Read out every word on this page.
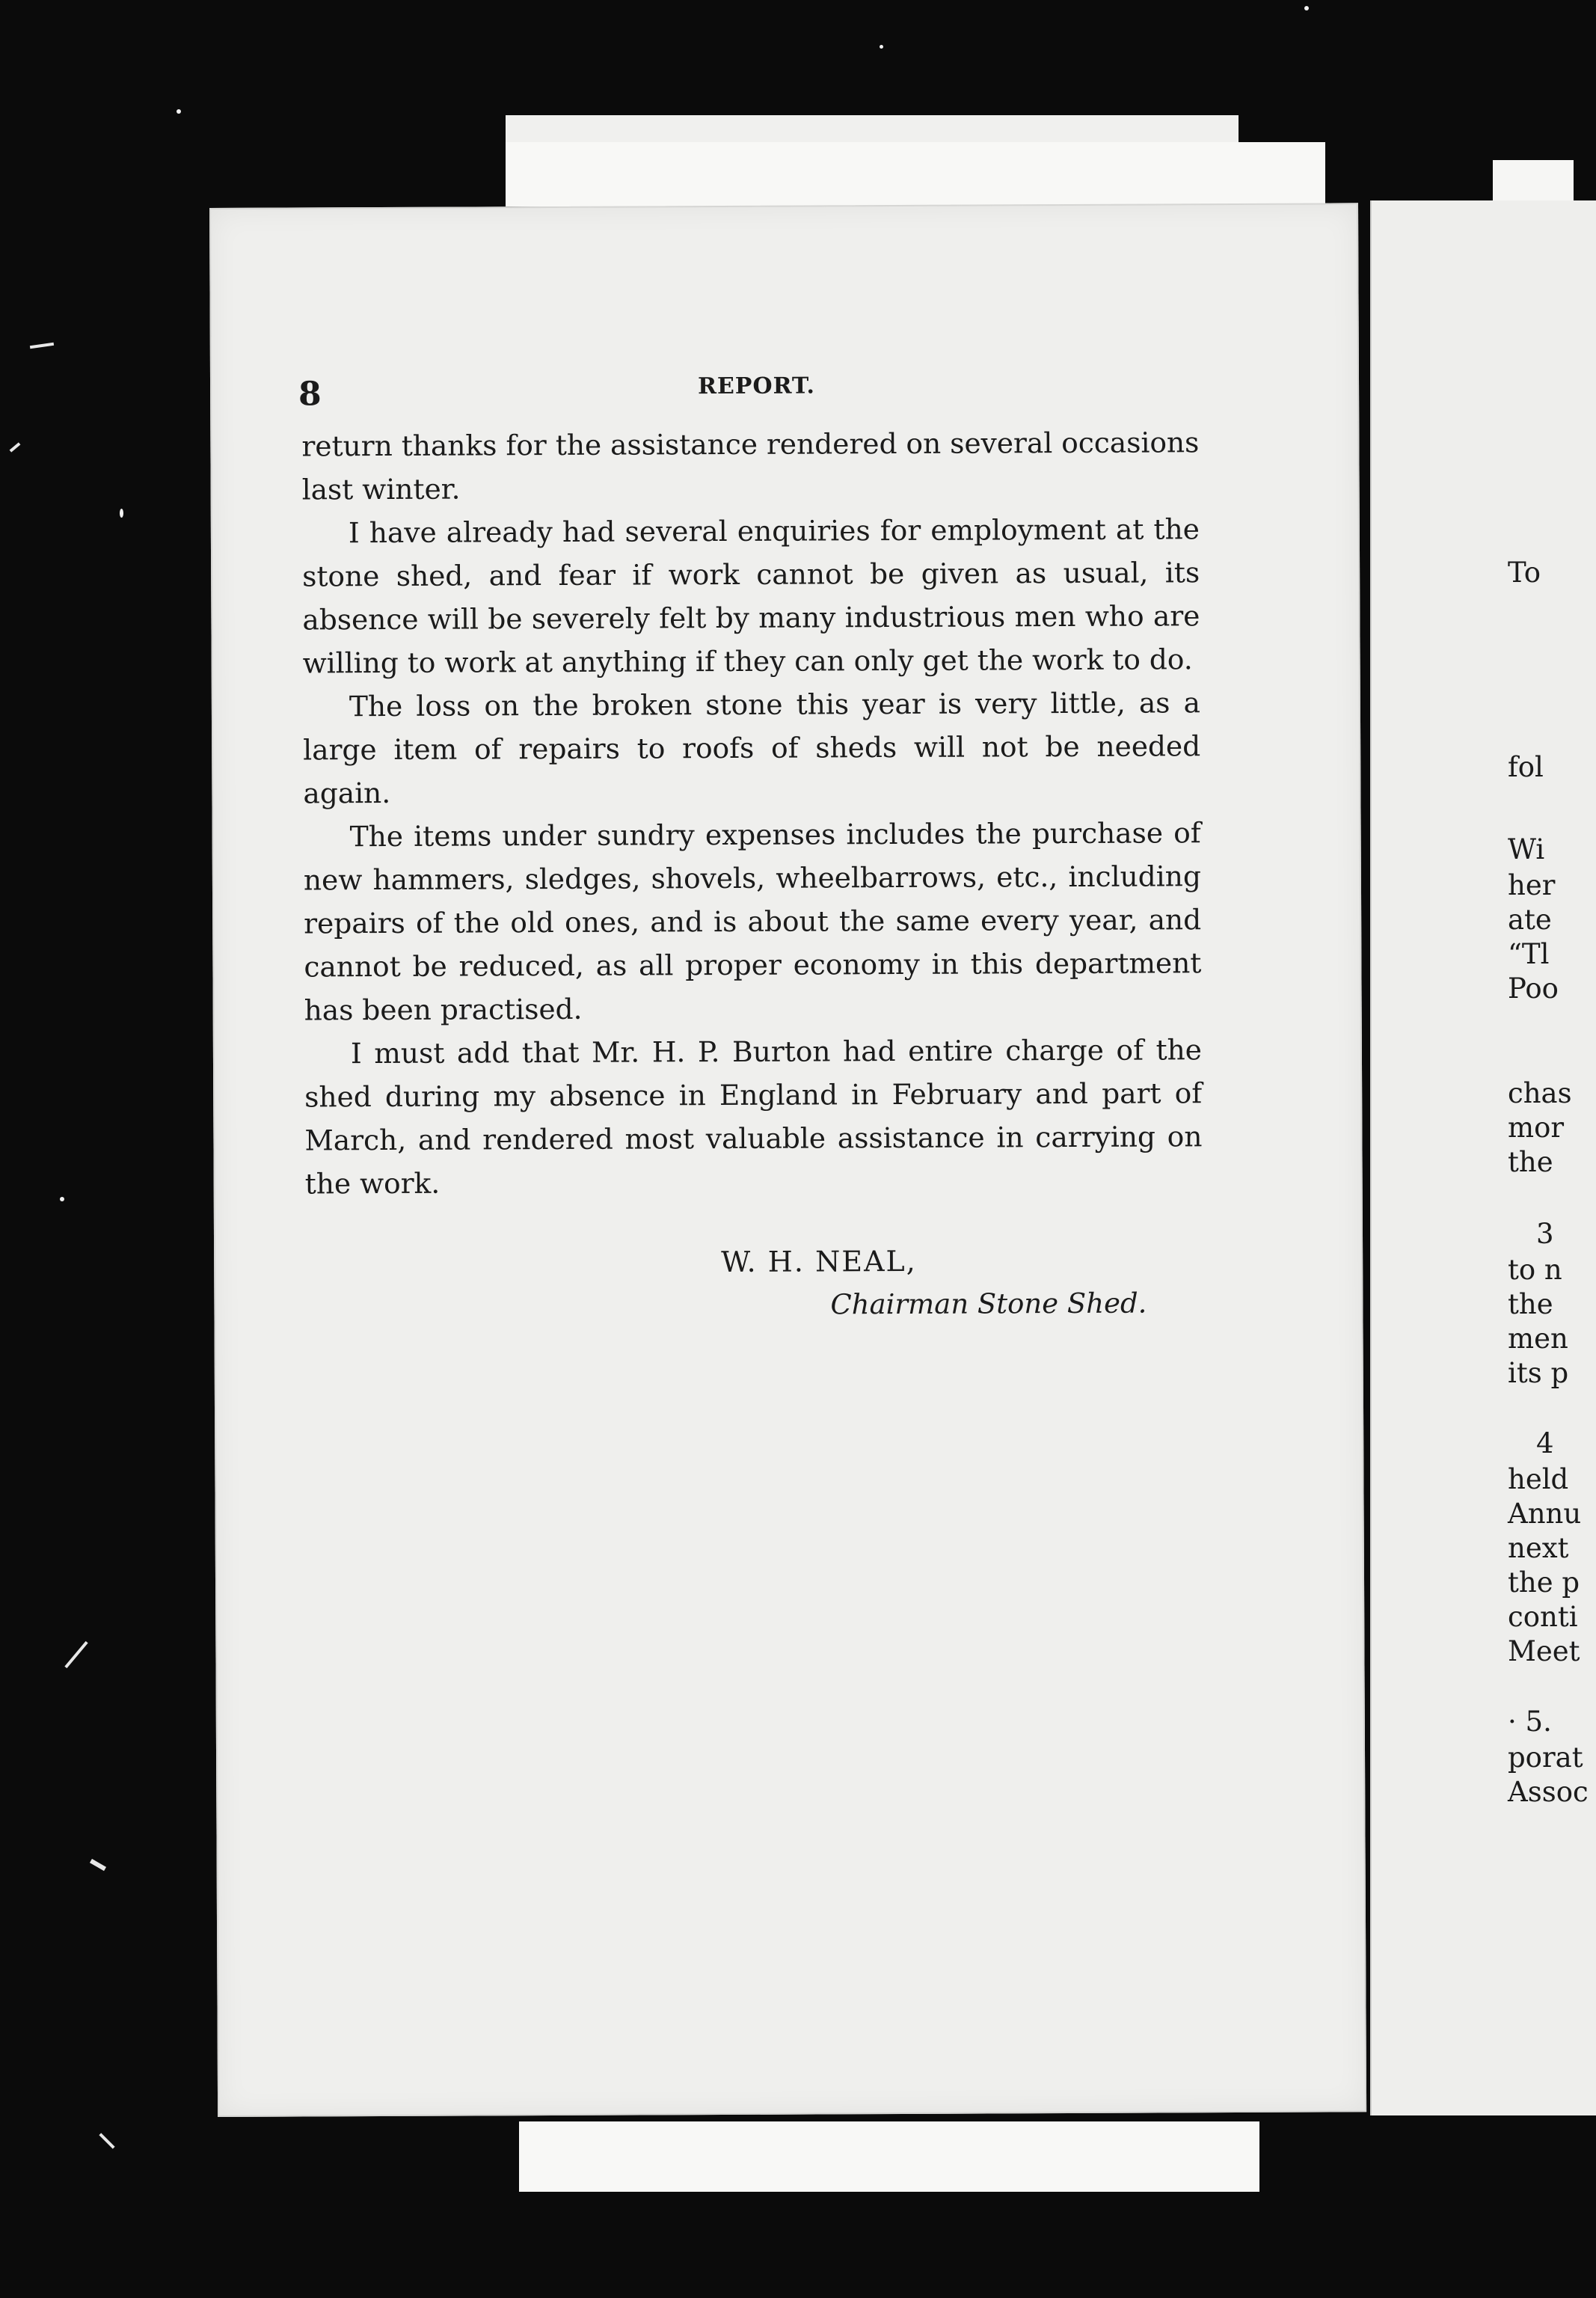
To
fol
Wi
her
ate
“Tl
Poo
chas
mor
the
3
to n
the
men
its p
4
held
Annu
next
the p
conti
Meet
· 5.
porat
Assoc
8	REPORT.

return thanks for the assistance rendered on several occasions last winter.

I have already had several enquiries for employment at the stone shed, and fear if work cannot be given as usual, its absence will be severely felt by many industrious men who are willing to work at anything if they can only get the work to do.

The loss on the broken stone this year is very little, as a large item of repairs to roofs of sheds will not be needed again.

The items under sundry expenses includes the purchase of new hammers, sledges, shovels, wheelbarrows, etc., including repairs of the old ones, and is about the same every year, and cannot be reduced, as all proper economy in this department has been practised.

I must add that Mr. H. P. Burton had entire charge of the shed during my absence in England in February and part of March, and rendered most valuable assistance in carrying on the work.

W. H. NEAL,
Chairman Stone Shed.
